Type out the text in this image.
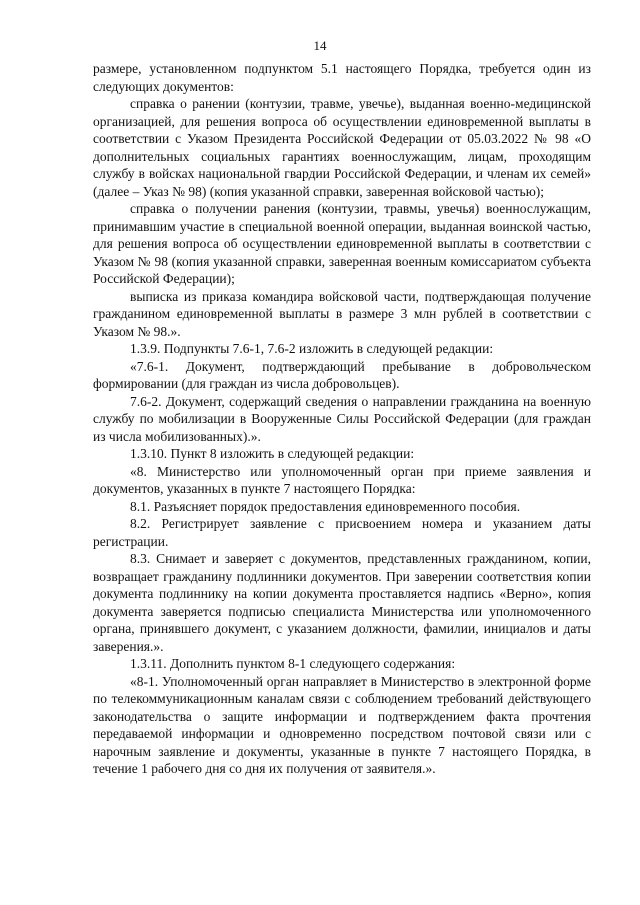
14

размере, установленном подпунктом 5.1 настоящего Порядка, требуется один из следующих документов:

справка о ранении (контузии, травме, увечье), выданная военно-медицинской организацией, для решения вопроса об осуществлении единовременной выплаты в соответствии с Указом Президента Российской Федерации от 05.03.2022 № 98 «О дополнительных социальных гарантиях военнослужащим, лицам, проходящим службу в войсках национальной гвардии Российской Федерации, и членам их семей» (далее – Указ № 98) (копия указанной справки, заверенная войсковой частью);

справка о получении ранения (контузии, травмы, увечья) военнослужащим, принимавшим участие в специальной военной операции, выданная воинской частью, для решения вопроса об осуществлении единовременной выплаты в соответствии с Указом № 98 (копия указанной справки, заверенная военным комиссариатом субъекта Российской Федерации);

выписка из приказа командира войсковой части, подтверждающая получение гражданином единовременной выплаты в размере 3 млн рублей в соответствии с Указом № 98.».

1.3.9. Подпункты 7.6-1, 7.6-2 изложить в следующей редакции:

«7.6-1. Документ, подтверждающий пребывание в добровольческом формировании (для граждан из числа добровольцев).

7.6-2. Документ, содержащий сведения о направлении гражданина на военную службу по мобилизации в Вооруженные Силы Российской Федерации (для граждан из числа мобилизованных).».

1.3.10. Пункт 8 изложить в следующей редакции:

«8. Министерство или уполномоченный орган при приеме заявления и документов, указанных в пункте 7 настоящего Порядка:

8.1. Разъясняет порядок предоставления единовременного пособия.

8.2. Регистрирует заявление с присвоением номера и указанием даты регистрации.

8.3. Снимает и заверяет с документов, представленных гражданином, копии, возвращает гражданину подлинники документов. При заверении соответствия копии документа подлиннику на копии документа проставляется надпись «Верно», копия документа заверяется подписью специалиста Министерства или уполномоченного органа, принявшего документ, с указанием должности, фамилии, инициалов и даты заверения.».

1.3.11. Дополнить пунктом 8-1 следующего содержания:

«8-1. Уполномоченный орган направляет в Министерство в электронной форме по телекоммуникационным каналам связи с соблюдением требований действующего законодательства о защите информации и подтверждением факта прочтения передаваемой информации и одновременно посредством почтовой связи или с нарочным заявление и документы, указанные в пункте 7 настоящего Порядка, в течение 1 рабочего дня со дня их получения от заявителя.».
